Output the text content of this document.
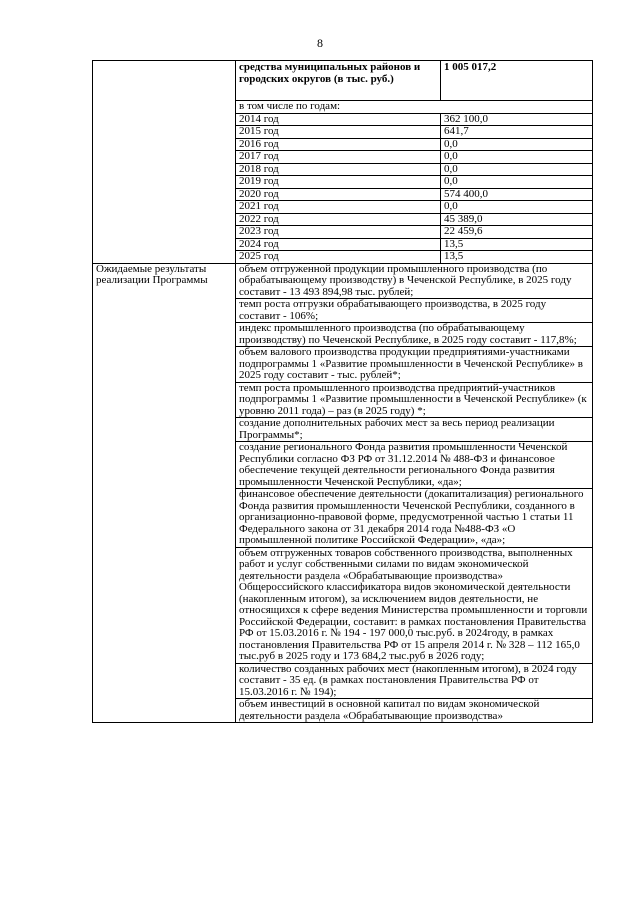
8
	средства муниципальных районов и городских округов (в тыс. руб.)	1 005 017,2
	в том числе по годам:	
	2014 год	362 100,0
	2015 год	641,7
	2016 год	0,0
	2017 год	0,0
	2018 год	0,0
	2019 год	0,0
	2020 год	574 400,0
	2021 год	0,0
	2022 год	45 389,0
	2023 год	22 459,6
	2024 год	13,5
	2025 год	13,5
Ожидаемые результаты реализации Программы	объем отгруженной продукции промышленного производства (по обрабатывающему производству) в Чеченской Республике, в 2025 году составит - 13 493 894,98 тыс. рублей;	
	темп роста отгрузки обрабатывающего производства, в 2025 году составит - 106%;	
	индекс промышленного производства (по обрабатывающему производству) по Чеченской Республике, в 2025 году составит - 117,8%;	
	объем валового производства продукции предприятиями-участниками подпрограммы 1 «Развитие промышленности в Чеченской Республике» в 2025 году составит - тыс. рублей*;	
	темп роста промышленного производства предприятий-участников подпрограммы 1 «Развитие промышленности в Чеченской Республике» (к уровню 2011 года) – раз (в 2025 году) *;	
	создание дополнительных рабочих мест за весь период реализации Программы*;	
	создание регионального Фонда развития промышленности Чеченской Республики согласно ФЗ РФ от 31.12.2014 № 488-ФЗ и финансовое обеспечение текущей деятельности регионального Фонда развития промышленности Чеченской Республики, «да»;	
	финансовое обеспечение деятельности (докапитализация) регионального Фонда развития промышленности Чеченской Республики, созданного в организационно-правовой форме, предусмотренной частью 1 статьи 11 Федерального закона от 31 декабря 2014 года №488-ФЗ «О промышленной политике Российской Федерации», «да»;	
	объем отгруженных товаров собственного производства, выполненных работ и услуг собственными силами по видам экономической деятельности раздела «Обрабатывающие производства» Общероссийского классификатора видов экономической деятельности (накопленным итогом), за исключением видов деятельности, не относящихся к сфере ведения Министерства промышленности и торговли Российской Федерации, составит: в рамках постановления Правительства РФ от 15.03.2016 г. № 194 - 197 000,0 тыс.руб. в 2024году, в рамках постановления Правительства РФ от 15 апреля 2014 г. № 328 – 112 165,0 тыс.руб в 2025 году и 173 684,2 тыс.руб в 2026 году;	
	количество созданных рабочих мест (накопленным итогом), в 2024 году составит - 35 ед. (в рамках постановления Правительства РФ от 15.03.2016 г. № 194);	
	объем инвестиций в основной капитал по видам экономической деятельности раздела «Обрабатывающие производства»	
